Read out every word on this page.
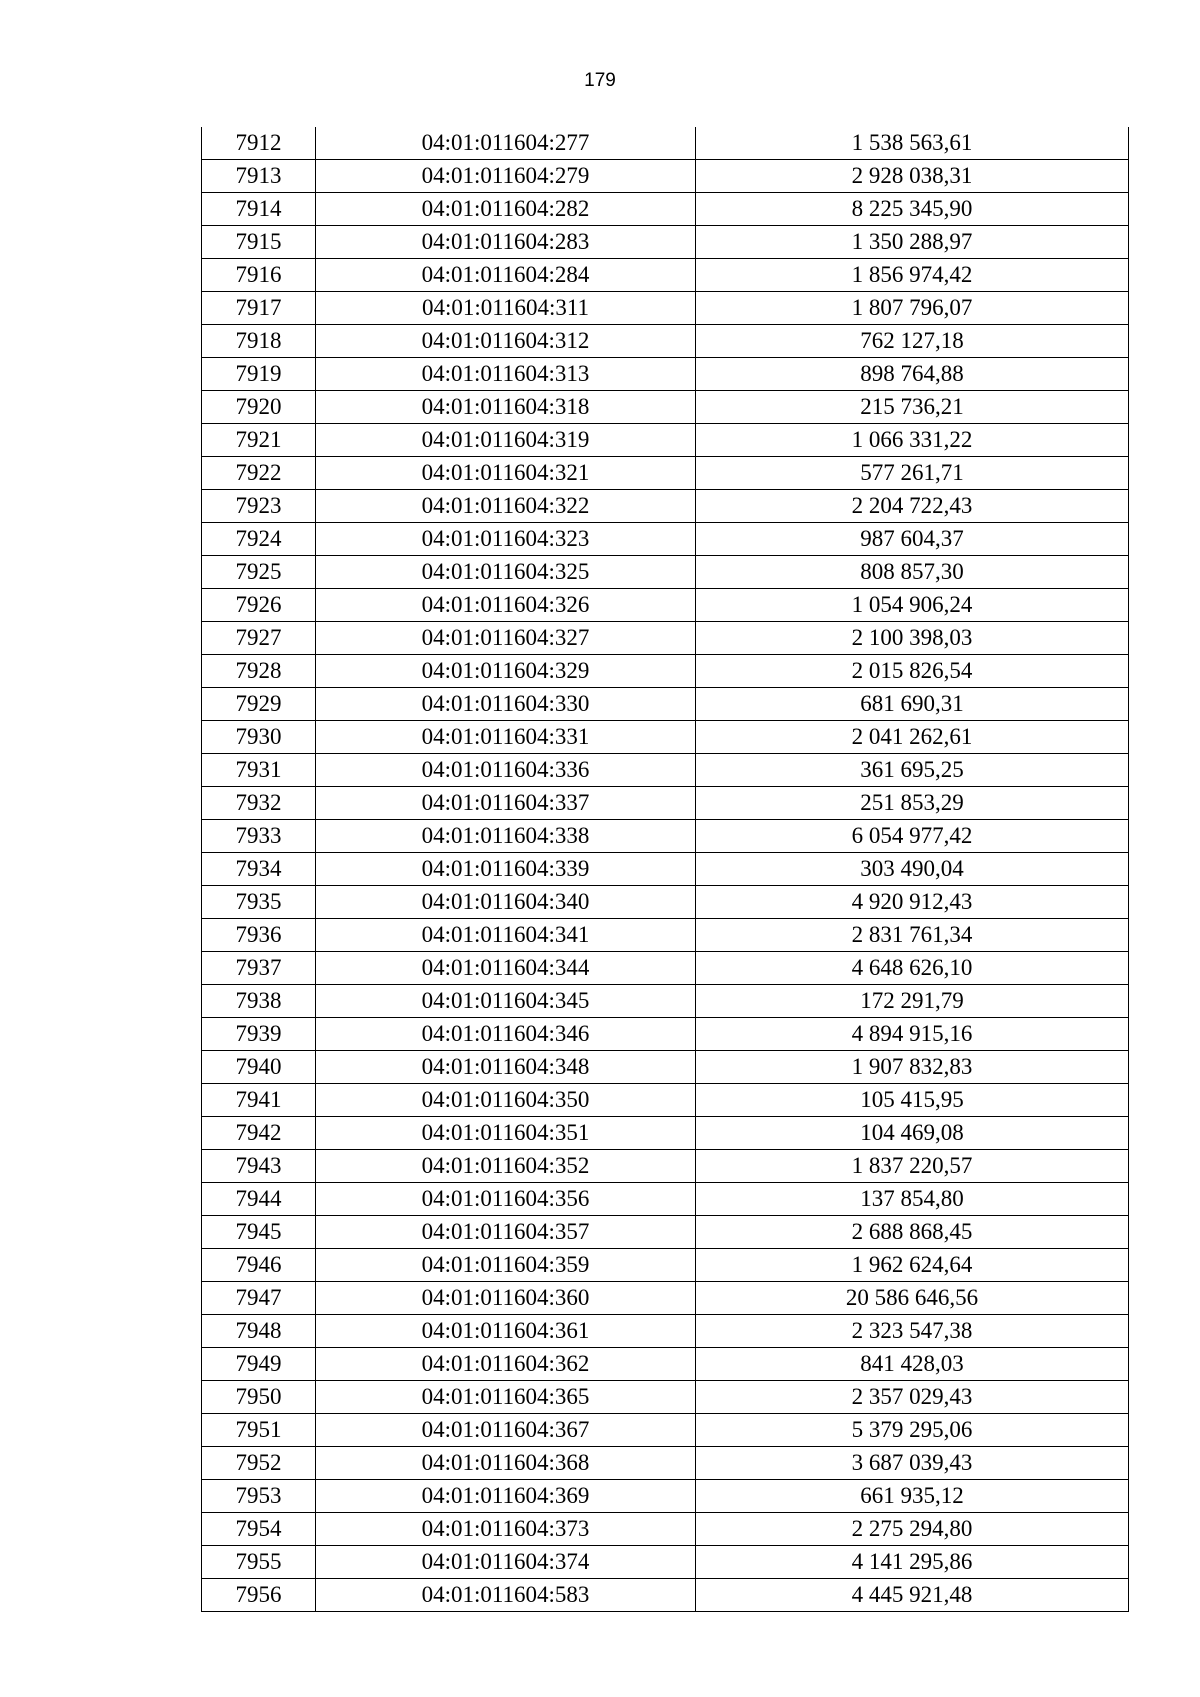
179
7912	04:01:011604:277	1 538 563,61
7913	04:01:011604:279	2 928 038,31
7914	04:01:011604:282	8 225 345,90
7915	04:01:011604:283	1 350 288,97
7916	04:01:011604:284	1 856 974,42
7917	04:01:011604:311	1 807 796,07
7918	04:01:011604:312	762 127,18
7919	04:01:011604:313	898 764,88
7920	04:01:011604:318	215 736,21
7921	04:01:011604:319	1 066 331,22
7922	04:01:011604:321	577 261,71
7923	04:01:011604:322	2 204 722,43
7924	04:01:011604:323	987 604,37
7925	04:01:011604:325	808 857,30
7926	04:01:011604:326	1 054 906,24
7927	04:01:011604:327	2 100 398,03
7928	04:01:011604:329	2 015 826,54
7929	04:01:011604:330	681 690,31
7930	04:01:011604:331	2 041 262,61
7931	04:01:011604:336	361 695,25
7932	04:01:011604:337	251 853,29
7933	04:01:011604:338	6 054 977,42
7934	04:01:011604:339	303 490,04
7935	04:01:011604:340	4 920 912,43
7936	04:01:011604:341	2 831 761,34
7937	04:01:011604:344	4 648 626,10
7938	04:01:011604:345	172 291,79
7939	04:01:011604:346	4 894 915,16
7940	04:01:011604:348	1 907 832,83
7941	04:01:011604:350	105 415,95
7942	04:01:011604:351	104 469,08
7943	04:01:011604:352	1 837 220,57
7944	04:01:011604:356	137 854,80
7945	04:01:011604:357	2 688 868,45
7946	04:01:011604:359	1 962 624,64
7947	04:01:011604:360	20 586 646,56
7948	04:01:011604:361	2 323 547,38
7949	04:01:011604:362	841 428,03
7950	04:01:011604:365	2 357 029,43
7951	04:01:011604:367	5 379 295,06
7952	04:01:011604:368	3 687 039,43
7953	04:01:011604:369	661 935,12
7954	04:01:011604:373	2 275 294,80
7955	04:01:011604:374	4 141 295,86
7956	04:01:011604:583	4 445 921,48
